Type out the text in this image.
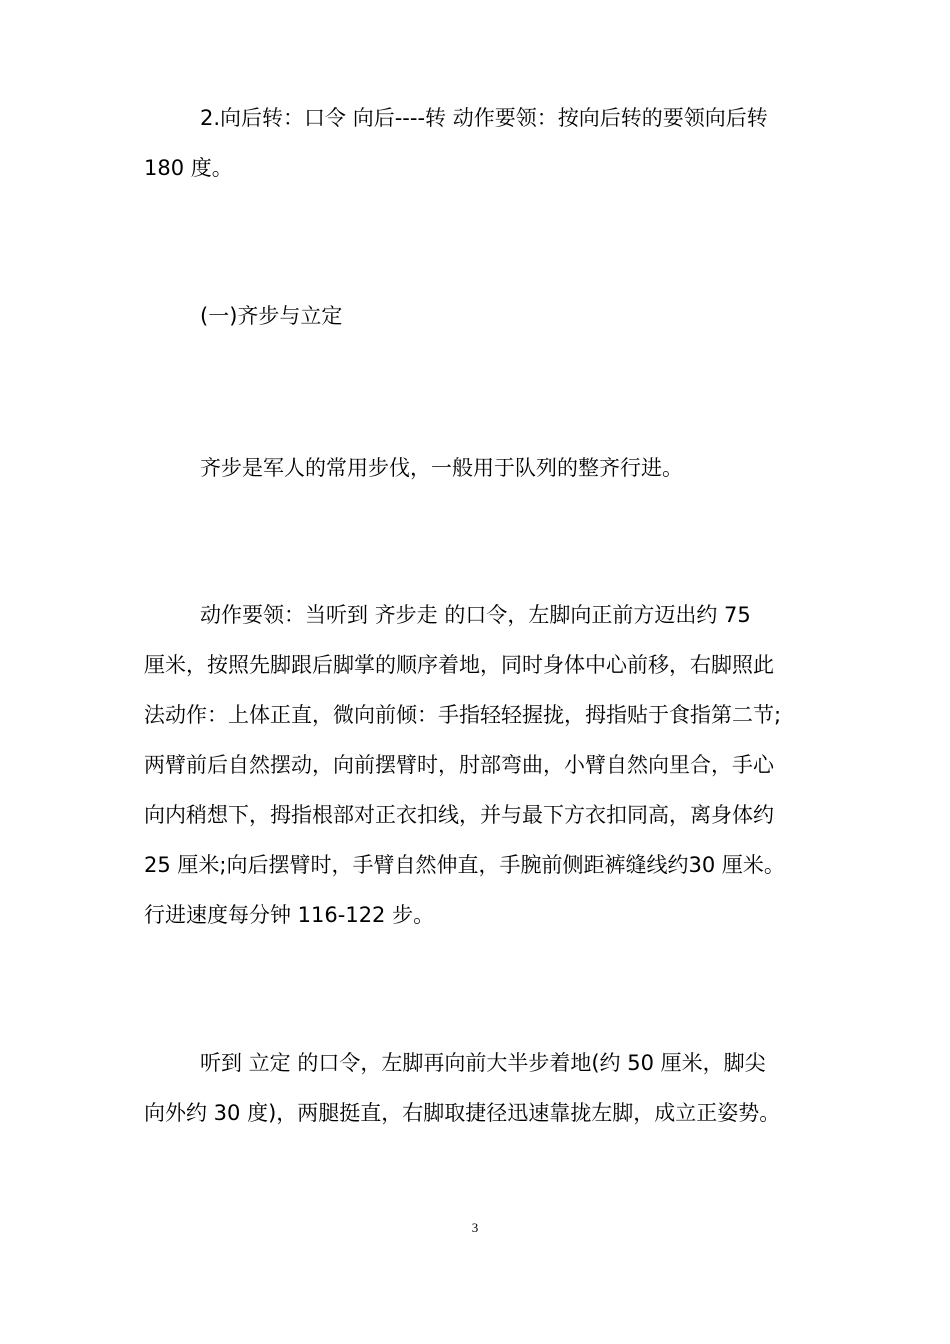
2.向后转：口令 向后----转 动作要领：按向后转的要领向后转
180 度。
(一)齐步与立定
齐步是军人的常用步伐，一般用于队列的整齐行进。
动作要领：当听到 齐步走 的口令，左脚向正前方迈出约 75
厘米，按照先脚跟后脚掌的顺序着地，同时身体中心前移，右脚照此
法动作：上体正直，微向前倾：手指轻轻握拢，拇指贴于食指第二节;
两臂前后自然摆动，向前摆臂时，肘部弯曲，小臂自然向里合，手心
向内稍想下，拇指根部对正衣扣线，并与最下方衣扣同高，离身体约
25 厘米;向后摆臂时，手臂自然伸直，手腕前侧距裤缝线约30 厘米。
行进速度每分钟 116-122 步。
听到 立定 的口令，左脚再向前大半步着地(约 50 厘米，脚尖
向外约 30 度)，两腿挺直，右脚取捷径迅速靠拢左脚，成立正姿势。
3
